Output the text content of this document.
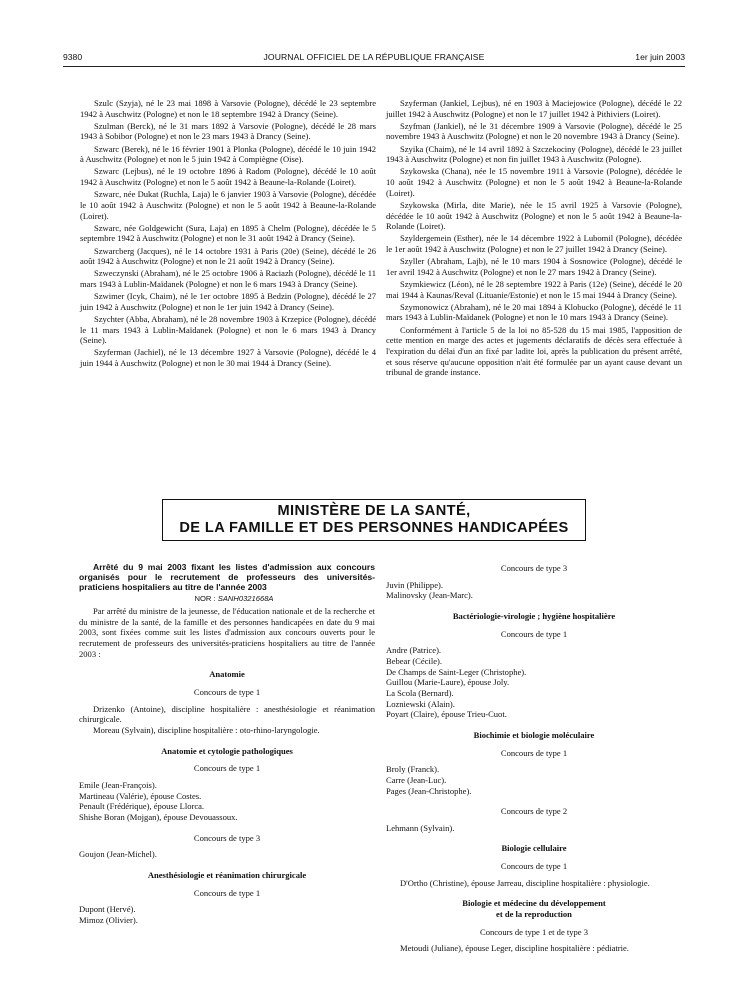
9380	JOURNAL OFFICIEL DE LA RÉPUBLIQUE FRANÇAISE	1er juin 2003

Szulc (Szyja), né le 23 mai 1898 à Varsovie (Pologne), décédé le 23 septembre 1942 à Auschwitz (Pologne) et non le 18 septembre 1942 à Drancy (Seine).

Szulman (Berck), né le 31 mars 1892 à Varsovie (Pologne), décédé le 28 mars 1943 à Sobibor (Pologne) et non le 23 mars 1943 à Drancy (Seine).

Szwarc (Berek), né le 16 février 1901 à Plonka (Pologne), décédé le 10 juin 1942 à Auschwitz (Pologne) et non le 5 juin 1942 à Compiègne (Oise).

Szwarc (Lejbus), né le 19 octobre 1896 à Radom (Pologne), décédé le 10 août 1942 à Auschwitz (Pologne) et non le 5 août 1942 à Beaune-la-Rolande (Loiret).

Szwarc, née Dukat (Ruchla, Laja) le 6 janvier 1903 à Varsovie (Pologne), décédée le 10 août 1942 à Auschwitz (Pologne) et non le 5 août 1942 à Beaune-la-Rolande (Loiret).

Szwarc, née Goldgewicht (Sura, Laja) en 1895 à Chelm (Pologne), décédée le 5 septembre 1942 à Auschwitz (Pologne) et non le 31 août 1942 à Drancy (Seine).

Szwarcberg (Jacques), né le 14 octobre 1931 à Paris (20e) (Seine), décédé le 26 août 1942 à Auschwitz (Pologne) et non le 21 août 1942 à Drancy (Seine).

Szweczynski (Abraham), né le 25 octobre 1906 à Raciazh (Pologne), décédé le 11 mars 1943 à Lublin-Maïdanek (Pologne) et non le 6 mars 1943 à Drancy (Seine).

Szwimer (Icyk, Chaim), né le 1er octobre 1895 à Bedzin (Pologne), décédé le 27 juin 1942 à Auschwitz (Pologne) et non le 1er juin 1942 à Drancy (Seine).

Szychter (Abba, Abraham), né le 28 novembre 1903 à Krzepice (Pologne), décédé le 11 mars 1943 à Lublin-Maïdanek (Pologne) et non le 6 mars 1943 à Drancy (Seine).

Szyferman (Jachiel), né le 13 décembre 1927 à Varsovie (Pologne), décédé le 4 juin 1944 à Auschwitz (Pologne) et non le 30 mai 1944 à Drancy (Seine).

Szyferman (Jankiel, Lejbus), né en 1903 à Maciejowice (Pologne), décédé le 22 juillet 1942 à Auschwitz (Pologne) et non le 17 juillet 1942 à Pithiviers (Loiret).

Szyfman (Jankiel), né le 31 décembre 1909 à Varsovie (Pologne), décédé le 25 novembre 1943 à Auschwitz (Pologne) et non le 20 novembre 1943 à Drancy (Seine).

Szyika (Chaim), né le 14 avril 1892 à Szczekociny (Pologne), décédé le 23 juillet 1943 à Auschwitz (Pologne) et non fin juillet 1943 à Auschwitz (Pologne).

Szykowska (Chana), née le 15 novembre 1911 à Varsovie (Pologne), décédée le 10 août 1942 à Auschwitz (Pologne) et non le 5 août 1942 à Beaune-la-Rolande (Loiret).

Szykowska (Mirla, dite Marie), née le 15 avril 1925 à Varsovie (Pologne), décédée le 10 août 1942 à Auschwitz (Pologne) et non le 5 août 1942 à Beaune-la-Rolande (Loiret).

Szyldergemein (Esther), née le 14 décembre 1922 à Lubomil (Pologne), décédée le 1er août 1942 à Auschwitz (Pologne) et non le 27 juillet 1942 à Drancy (Seine).

Szyller (Abraham, Lajb), né le 10 mars 1904 à Sosnowice (Pologne), décédé le 1er avril 1942 à Auschwitz (Pologne) et non le 27 mars 1942 à Drancy (Seine).

Szymkiewicz (Léon), né le 28 septembre 1922 à Paris (12e) (Seine), décédé le 20 mai 1944 à Kaunas/Reval (Lituanie/Estonie) et non le 15 mai 1944 à Drancy (Seine).

Szymonowicz (Abraham), né le 20 mai 1894 à Klobucko (Pologne), décédé le 11 mars 1943 à Lublin-Maïdanek (Pologne) et non le 10 mars 1943 à Drancy (Seine).

Conformément à l'article 5 de la loi no 85-528 du 15 mai 1985, l'apposition de cette mention en marge des actes et jugements déclaratifs de décès sera effectuée à l'expiration du délai d'un an fixé par ladite loi, après la publication du présent arrêté, et sous réserve qu'aucune opposition n'ait été formulée par un ayant cause devant un tribunal de grande instance.

MINISTÈRE DE LA SANTÉ,
DE LA FAMILLE ET DES PERSONNES HANDICAPÉES

Arrêté du 9 mai 2003 fixant les listes d'admission aux concours organisés pour le recrutement de professeurs des universités-praticiens hospitaliers au titre de l'année 2003

NOR : SANH0321668A

Par arrêté du ministre de la jeunesse, de l'éducation nationale et de la recherche et du ministre de la santé, de la famille et des personnes handicapées en date du 9 mai 2003, sont fixées comme suit les listes d'admission aux concours ouverts pour le recrutement de professeurs des universités-praticiens hospitaliers au titre de l'année 2003 :

Anatomie
Concours de type 1
Drizenko (Antoine), discipline hospitalière : anesthésiologie et réanimation chirurgicale.
Moreau (Sylvain), discipline hospitalière : oto-rhino-laryngologie.
Anatomie et cytologie pathologiques
Concours de type 1
Emile (Jean-François).
Martineau (Valérie), épouse Costes.
Penault (Frédérique), épouse Llorca.
Shishe Boran (Mojgan), épouse Devouassoux.
Concours de type 3
Goujon (Jean-Michel).
Anesthésiologie et réanimation chirurgicale
Concours de type 1
Dupont (Hervé).
Mimoz (Olivier).
Concours de type 3
Juvin (Philippe).
Malinovsky (Jean-Marc).
Bactériologie-virologie ; hygiène hospitalière
Concours de type 1
Andre (Patrice).
Bebear (Cécile).
De Champs de Saint-Leger (Christophe).
Guillou (Marie-Laure), épouse Joly.
La Scola (Bernard).
Lozniewski (Alain).
Poyart (Claire), épouse Trieu-Cuot.
Biochimie et biologie moléculaire
Concours de type 1
Broly (Franck).
Carre (Jean-Luc).
Pages (Jean-Christophe).
Concours de type 2
Lehmann (Sylvain).
Biologie cellulaire
Concours de type 1
D'Ortho (Christine), épouse Jarreau, discipline hospitalière : physiologie.
Biologie et médecine du développement
et de la reproduction
Concours de type 1 et de type 3
Metoudi (Juliane), épouse Leger, discipline hospitalière : pédiatrie.
